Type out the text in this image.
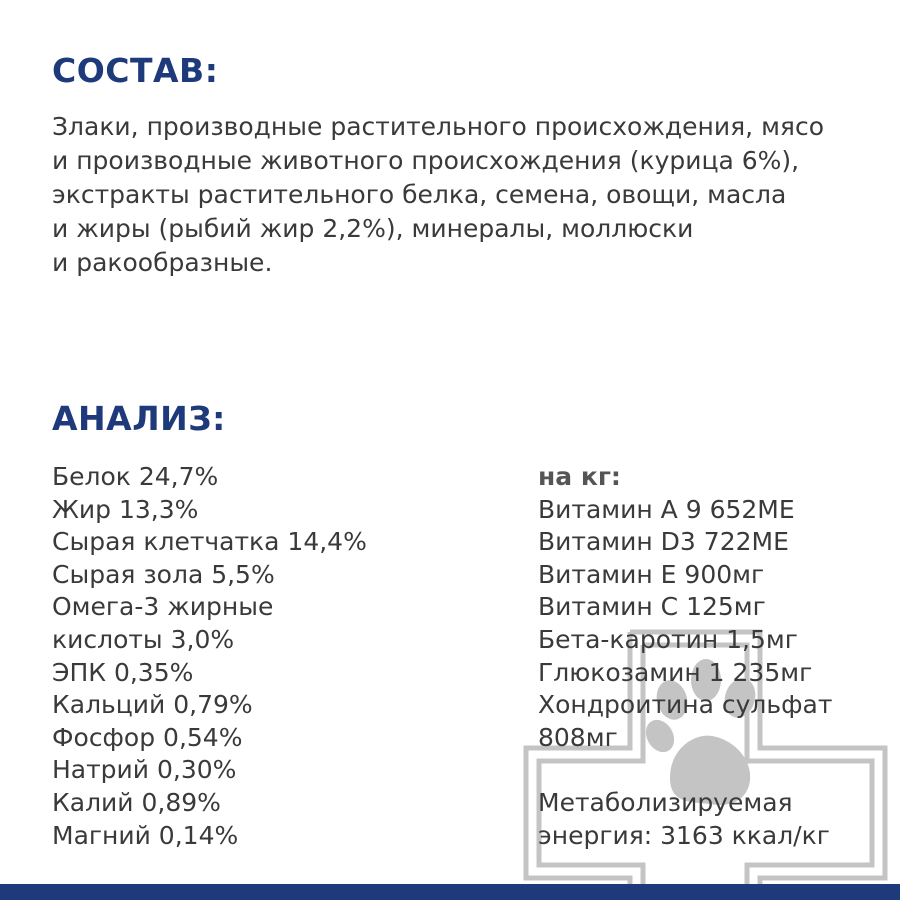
СОСТАВ:

Злаки, производные растительного происхождения, мясо
и производные животного происхождения (курица 6%),
экстракты растительного белка, семена, овощи, масла
и жиры (рыбий жир 2,2%), минералы, моллюски
и ракообразные.

АНАЛИЗ:
Белок 24,7%
Жир 13,3%
Сырая клетчатка 14,4%
Сырая зола 5,5%
Омега-3 жирные
кислоты 3,0%
ЭПК 0,35%
Кальций 0,79%
Фосфор 0,54%
Натрий 0,30%
Калий 0,89%
Магний 0,14%
на кг:
Витамин А 9 652МЕ
Витамин D3 722МЕ
Витамин Е 900мг
Витамин С 125мг
Бета-каротин 1,5мг
Глюкозамин 1 235мг
Хондроитина сульфат
808мг
Метаболизируемая
энергия: 3163 ккал/кг
